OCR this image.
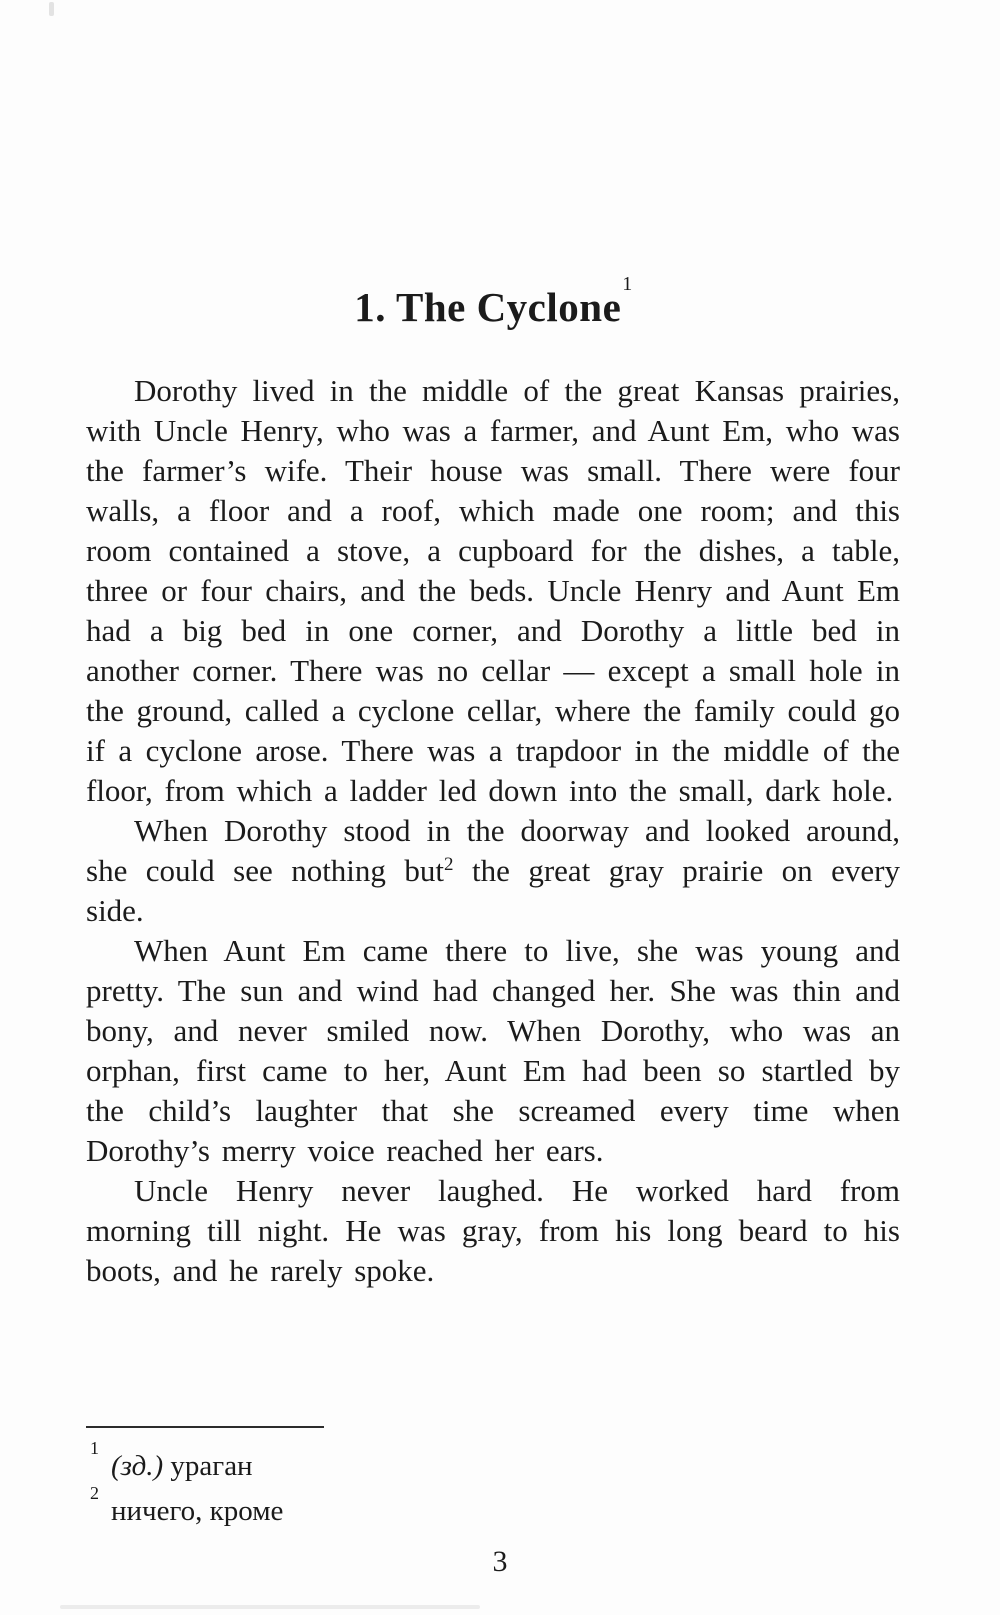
1. The Cyclone$^1$

Dorothy lived in the middle of the great Kansas prairies, with Uncle Henry, who was a farmer, and Aunt Em, who was the farmer’s wife. Their house was small. There were four walls, a floor and a roof, which made one room; and this room contained a stove, a cupboard for the dishes, a table, three or four chairs, and the beds. Uncle Henry and Aunt Em had a big bed in one corner, and Dorothy a little bed in another corner. There was no cellar — except a small hole in the ground, called a cyclone cellar, where the family could go if a cyclone arose. There was a trapdoor in the middle of the floor, from which a ladder led down into the small, dark hole.

When Dorothy stood in the doorway and looked around, she could see nothing but$^2$ the great gray prairie on every side.

When Aunt Em came there to live, she was young and pretty. The sun and wind had changed her. She was thin and bony, and never smiled now. When Dorothy, who was an orphan, first came to her, Aunt Em had been so startled by the child’s laughter that she screamed every time when Dorothy’s merry voice reached her ears.

Uncle Henry never laughed. He worked hard from morning till night. He was gray, from his long beard to his boots, and he rarely spoke.

$^1$(зд.) ураган
$^2$ничего, кроме
3
